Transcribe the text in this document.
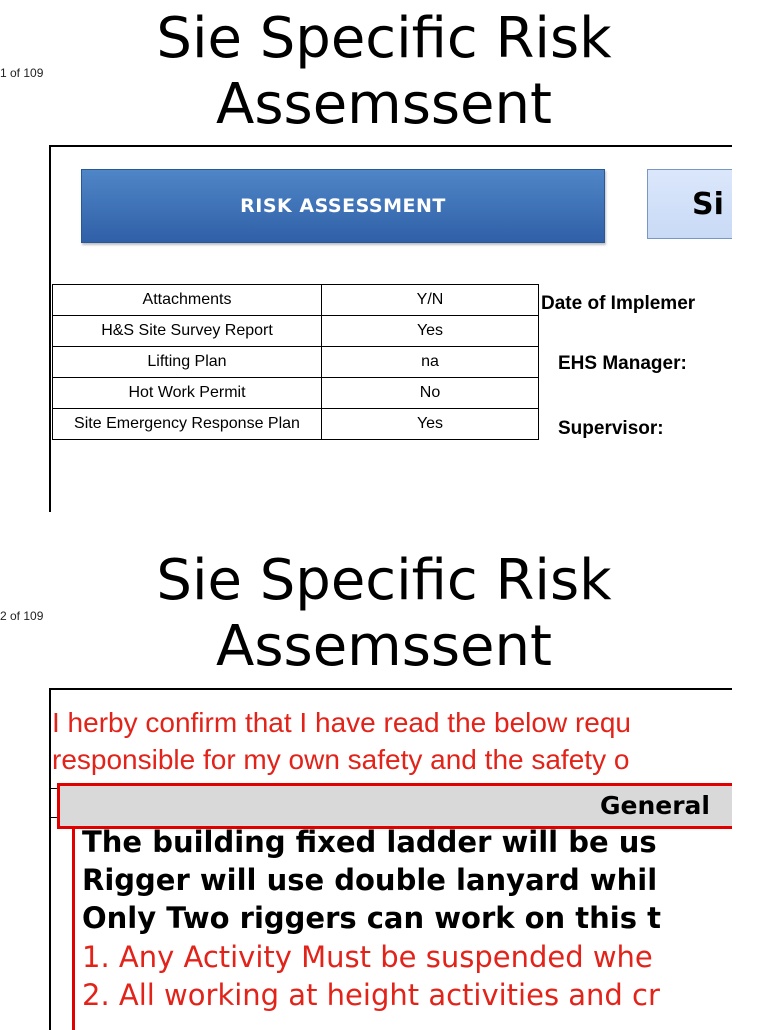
1 of 109
Sie Specific Risk
Assemssent
RISK ASSESSMENT	Si
Attachments	Y/N
H&S Site Survey Report	Yes
Lifting Plan	na
Hot Work Permit	No
Site Emergency Response Plan	Yes
Date of Implemer
EHS Manager:
Supervisor:
2 of 109
Sie Specific Risk
Assemssent
I herby confirm that I have read the below requ
responsible for my own safety and the safety o
General
The building fixed ladder will be us
Rigger will use double lanyard whil
Only Two riggers can work on this t
1. Any Activity Must be suspended whe
2. All working at height activities and cr
